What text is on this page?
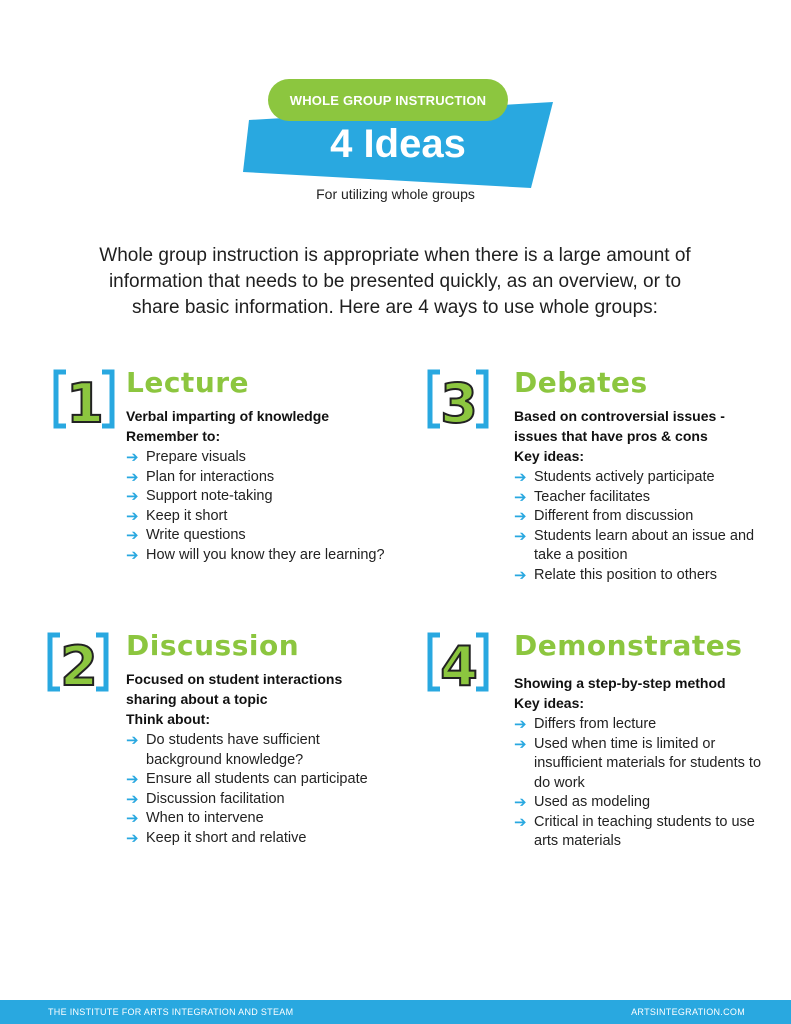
WHOLE GROUP INSTRUCTION
4 Ideas
For utilizing whole groups
Whole group instruction is appropriate when there is a large amount of information that needs to be presented quickly, as an overview, or to share basic information. Here are 4 ways to use whole groups:
1 Lecture
Verbal imparting of knowledge
Remember to:
➔ Prepare visuals
➔ Plan for interactions
➔ Support note-taking
➔ Keep it short
➔ Write questions
➔ How will you know they are learning?
2 Discussion
Focused on student interactions
sharing about a topic
Think about:
➔ Do students have sufficient background knowledge?
➔ Ensure all students can participate
➔ Discussion facilitation
➔ When to intervene
➔ Keep it short and relative
3 Debates
Based on controversial issues -
issues that have pros & cons
Key ideas:
➔ Students actively participate
➔ Teacher facilitates
➔ Different from discussion
➔ Students learn about an issue and take a position
➔ Relate this position to others
4 Demonstrates
Showing a step-by-step method
Key ideas:
➔ Differs from lecture
➔ Used when time is limited or insufficient materials for students to do work
➔ Used as modeling
➔ Critical in teaching students to use arts materials
THE INSTITUTE FOR ARTS INTEGRATION AND STEAM	ARTSINTEGRATION.COM
